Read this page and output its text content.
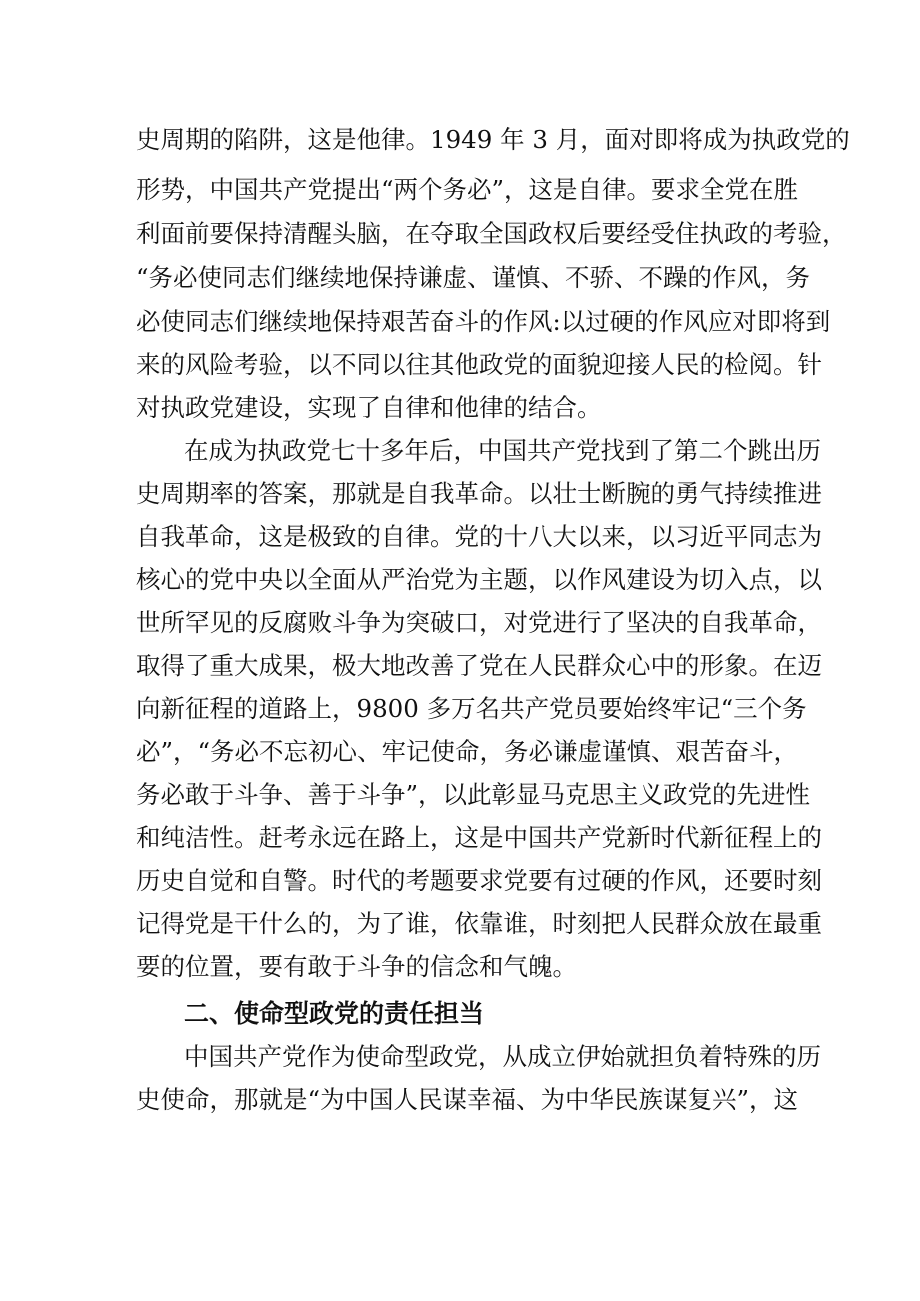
史周期的陷阱，这是他律。1949 年 3 月，面对即将成为执政党的
形势，中国共产党提出“两个务必”，这是自律。要求全党在胜
利面前要保持清醒头脑，在夺取全国政权后要经受住执政的考验，
“务必使同志们继续地保持谦虚、谨慎、不骄、不躁的作风，务
必使同志们继续地保持艰苦奋斗的作风:以过硬的作风应对即将到
来的风险考验，以不同以往其他政党的面貌迎接人民的检阅。针
对执政党建设，实现了自律和他律的结合。
在成为执政党七十多年后，中国共产党找到了第二个跳出历
史周期率的答案，那就是自我革命。以壮士断腕的勇气持续推进
自我革命，这是极致的自律。党的十八大以来，以习近平同志为
核心的党中央以全面从严治党为主题，以作风建设为切入点，以
世所罕见的反腐败斗争为突破口，对党进行了坚决的自我革命，
取得了重大成果，极大地改善了党在人民群众心中的形象。在迈
向新征程的道路上，9800 多万名共产党员要始终牢记“三个务
必”，“务必不忘初心、牢记使命，务必谦虚谨慎、艰苦奋斗，
务必敢于斗争、善于斗争”，以此彰显马克思主义政党的先进性
和纯洁性。赶考永远在路上，这是中国共产党新时代新征程上的
历史自觉和自警。时代的考题要求党要有过硬的作风，还要时刻
记得党是干什么的，为了谁，依靠谁，时刻把人民群众放在最重
要的位置，要有敢于斗争的信念和气魄。
二、使命型政党的责任担当
中国共产党作为使命型政党，从成立伊始就担负着特殊的历
史使命，那就是“为中国人民谋幸福、为中华民族谋复兴”，这
